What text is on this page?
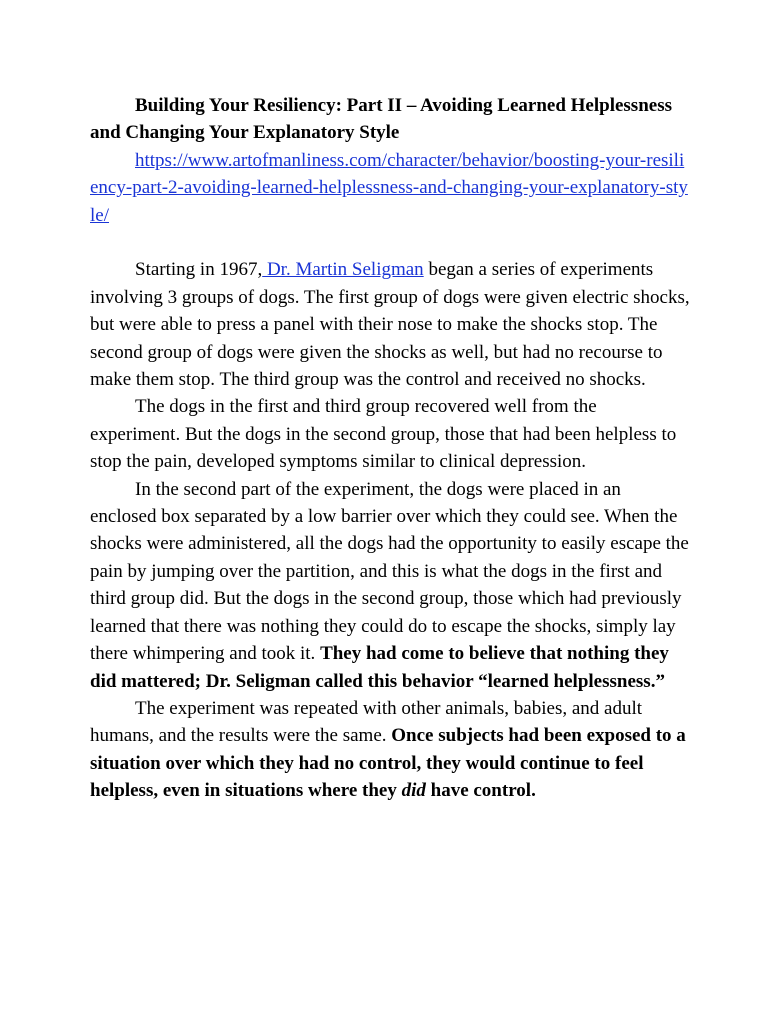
Building Your Resiliency: Part II – Avoiding Learned Helplessness and Changing Your Explanatory Style

https://www.artofmanliness.com/character/behavior/boosting-your-resiliency-part-2-avoiding-learned-helplessness-and-changing-your-explanatory-style/

Starting in 1967, Dr. Martin Seligman began a series of experiments involving 3 groups of dogs. The first group of dogs were given electric shocks, but were able to press a panel with their nose to make the shocks stop. The second group of dogs were given the shocks as well, but had no recourse to make them stop. The third group was the control and received no shocks.

The dogs in the first and third group recovered well from the experiment. But the dogs in the second group, those that had been helpless to stop the pain, developed symptoms similar to clinical depression.

In the second part of the experiment, the dogs were placed in an enclosed box separated by a low barrier over which they could see. When the shocks were administered, all the dogs had the opportunity to easily escape the pain by jumping over the partition, and this is what the dogs in the first and third group did. But the dogs in the second group, those which had previously learned that there was nothing they could do to escape the shocks, simply lay there whimpering and took it. They had come to believe that nothing they did mattered; Dr. Seligman called this behavior “learned helplessness.”

The experiment was repeated with other animals, babies, and adult humans, and the results were the same. Once subjects had been exposed to a situation over which they had no control, they would continue to feel helpless, even in situations where they did have control.
